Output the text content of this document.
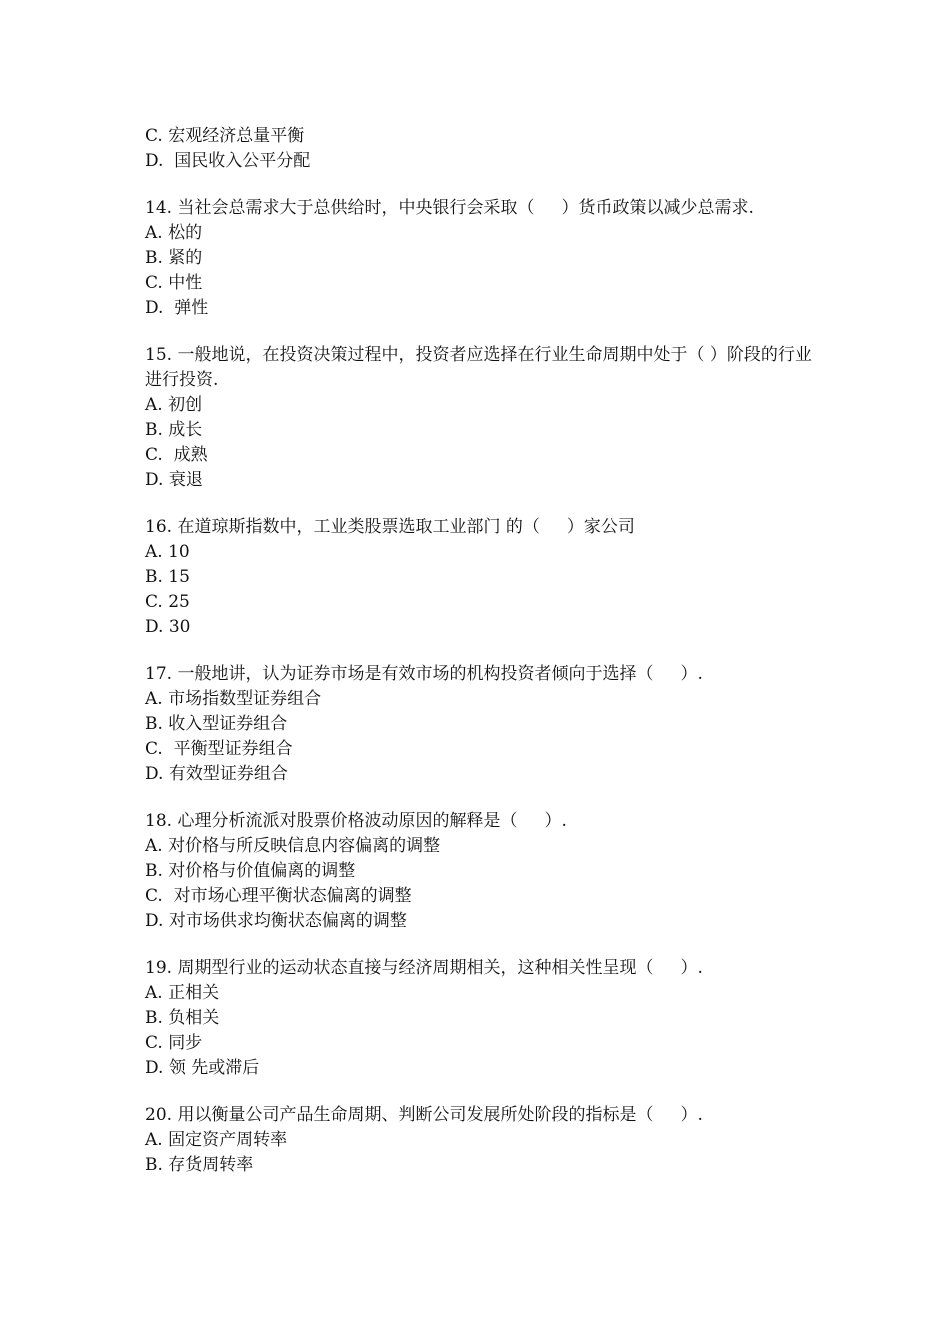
C. 宏观经济总量平衡
D.  国民收入公平分配
14. 当社会总需求大于总供给时，中央银行会采取（     ）货币政策以减少总需求.
A. 松的
B. 紧的
C. 中性
D.  弹性
15. 一般地说，在投资决策过程中，投资者应选择在行业生命周期中处于（ ）阶段的行业进行投资.
A. 初创
B. 成长
C.  成熟
D. 衰退
16. 在道琼斯指数中，工业类股票选取工业部门 的（     ）家公司
A. 10
B. 15
C. 25
D. 30
17. 一般地讲，认为证券市场是有效市场的机构投资者倾向于选择（     ）.
A. 市场指数型证券组合
B. 收入型证券组合
C.  平衡型证券组合
D. 有效型证券组合
18. 心理分析流派对股票价格波动原因的解释是（     ）.
A. 对价格与所反映信息内容偏离的调整
B. 对价格与价值偏离的调整
C.  对市场心理平衡状态偏离的调整
D. 对市场供求均衡状态偏离的调整
19. 周期型行业的运动状态直接与经济周期相关，这种相关性呈现（     ）.
A. 正相关
B. 负相关
C. 同步
D. 领 先或滞后
20. 用以衡量公司产品生命周期、判断公司发展所处阶段的指标是（     ）.
A. 固定资产周转率
B. 存货周转率
